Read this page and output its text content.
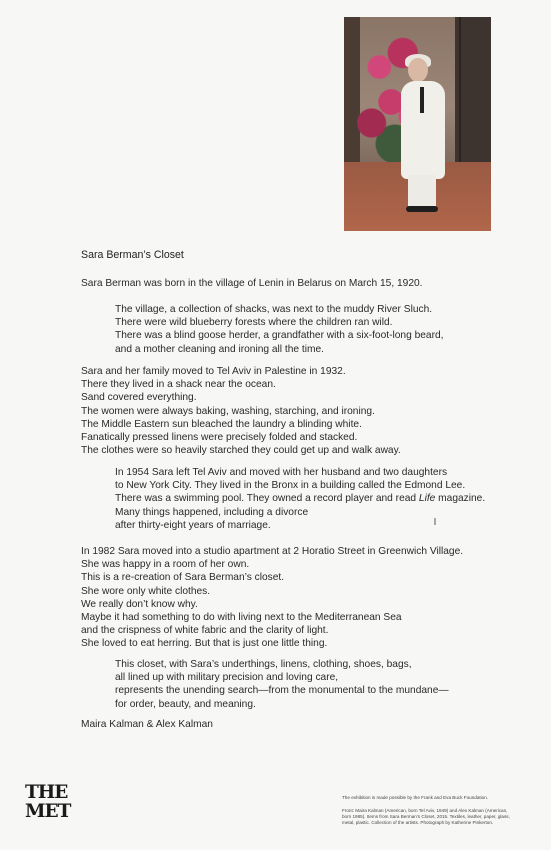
Sara Berman’s Closet
Sara Berman was born in the village of Lenin in Belarus on March 15, 1920.
The village, a collection of shacks, was next to the muddy River Sluch.
There were wild blueberry forests where the children ran wild.
There was a blind goose herder, a grandfather with a six-foot-long beard,
and a mother cleaning and ironing all the time.
Sara and her family moved to Tel Aviv in Palestine in 1932.
There they lived in a shack near the ocean.
Sand covered everything.
The women were always baking, washing, starching, and ironing.
The Middle Eastern sun bleached the laundry a blinding white.
Fanatically pressed linens were precisely folded and stacked.
The clothes were so heavily starched they could get up and walk away.
In 1954 Sara left Tel Aviv and moved with her husband and two daughters
to New York City. They lived in the Bronx in a building called the Edmond Lee.
There was a swimming pool. They owned a record player and read Life magazine.
Many things happened, including a divorce
after thirty-eight years of marriage.
In 1982 Sara moved into a studio apartment at 2 Horatio Street in Greenwich Village.
She was happy in a room of her own.
This is a re-creation of Sara Berman’s closet.
She wore only white clothes.
We really don’t know why.
Maybe it had something to do with living next to the Mediterranean Sea
and the crispness of white fabric and the clarity of light.
She loved to eat herring. But that is just one little thing.
This closet, with Sara’s underthings, linens, clothing, shoes, bags,
all lined up with military precision and loving care,
represents the unending search—from the monumental to the mundane—
for order, beauty, and meaning.
Maira Kalman & Alex Kalman
THE
MET
The exhibition is made possible by the Frank and Eva Buck Foundation.
Front: Maira Kalman (American, born Tel Aviv, 1949) and Alex Kalman (American, born 1985). Items from Sara Berman’s Closet, 2015. Textiles, leather, paper, glass, metal, plastic. Collection of the artists. Photograph by Katherine Pinkerton.
